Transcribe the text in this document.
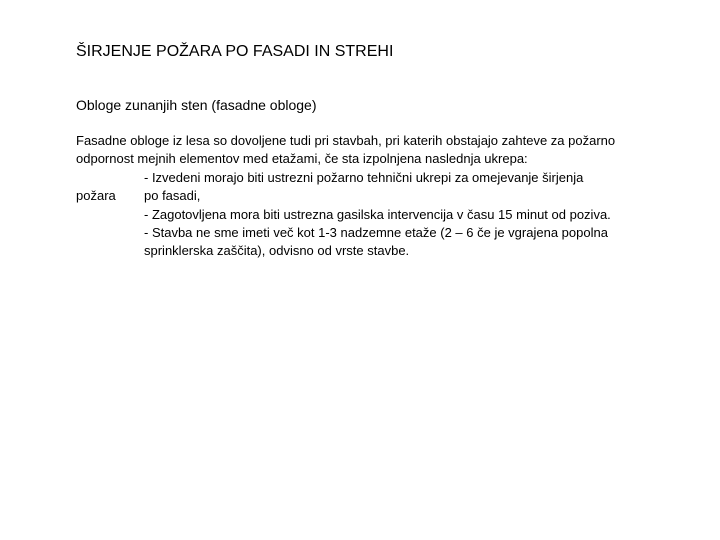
ŠIRJENJE POŽARA PO FASADI IN STREHI
Obloge zunanjih sten (fasadne obloge)
Fasadne obloge iz lesa so dovoljene tudi pri stavbah, pri katerih obstajajo zahteve za požarno
odpornost mejnih elementov med etažami, če sta izpolnjena naslednja ukrepa:
- Izvedeni morajo biti ustrezni požarno tehnični ukrepi za omejevanje širjenja
požara po fasadi,
- Zagotovljena mora biti ustrezna gasilska intervencija v času 15 minut od poziva.
- Stavba ne sme imeti več kot 1-3 nadzemne etaže (2 – 6 če je vgrajena popolna
sprinklerska zaščita), odvisno od vrste stavbe.
